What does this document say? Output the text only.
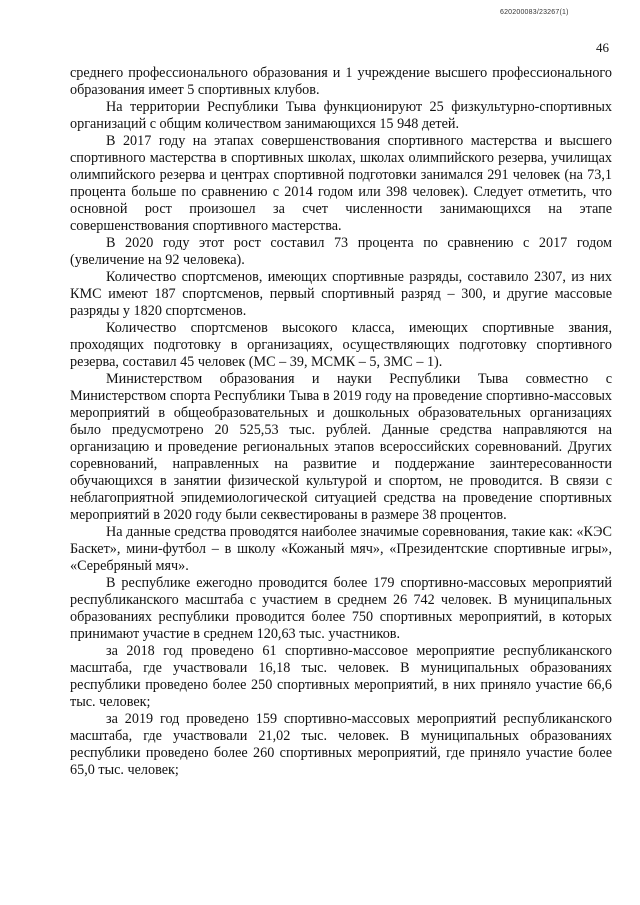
620200083/23267(1)
46

среднего профессионального образования и 1 учреждение высшего профессионального образования имеет 5 спортивных клубов.

На территории Республики Тыва функционируют 25 физкультурно-спортивных организаций с общим количеством занимающихся 15 948 детей.

В 2017 году на этапах совершенствования спортивного мастерства и высшего спортивного мастерства в спортивных школах, школах олимпийского резерва, училищах олимпийского резерва и центрах спортивной подготовки занимался 291 человек (на 73,1 процента больше по сравнению с 2014 годом или 398 человек). Следует отметить, что основной рост произошел за счет численности занимающихся на этапе совершенствования спортивного мастерства.

В 2020 году этот рост составил 73 процента по сравнению с 2017 годом (увеличение на 92 человека).

Количество спортсменов, имеющих спортивные разряды, составило 2307, из них КМС имеют 187 спортсменов, первый спортивный разряд – 300, и другие массовые разряды у 1820 спортсменов.

Количество спортсменов высокого класса, имеющих спортивные звания, проходящих подготовку в организациях, осуществляющих подготовку спортивного резерва, составил 45 человек (МС – 39, МСМК – 5, ЗМС – 1).

Министерством образования и науки Республики Тыва совместно с Министерством спорта Республики Тыва в 2019 году на проведение спортивно-массовых мероприятий в общеобразовательных и дошкольных образовательных организациях было предусмотрено 20 525,53 тыс. рублей. Данные средства направляются на организацию и проведение региональных этапов всероссийских соревнований. Других соревнований, направленных на развитие и поддержание заинтересованности обучающихся в занятии физической культурой и спортом, не проводится. В связи с неблагоприятной эпидемиологической ситуацией средства на проведение спортивных мероприятий в 2020 году были секвестированы в размере 38 процентов.

На данные средства проводятся наиболее значимые соревнования, такие как: «КЭС Баскет», мини-футбол – в школу «Кожаный мяч», «Президентские спортивные игры», «Серебряный мяч».

В республике ежегодно проводится более 179 спортивно-массовых мероприятий республиканского масштаба с участием в среднем 26 742 человек. В муниципальных образованиях республики проводится более 750 спортивных мероприятий, в которых принимают участие в среднем 120,63 тыс. участников.

за 2018 год проведено 61 спортивно-массовое мероприятие республиканского масштаба, где участвовали 16,18 тыс. человек. В муниципальных образованиях республики проведено более 250 спортивных мероприятий, в них приняло участие 66,6 тыс. человек;

за 2019 год проведено 159 спортивно-массовых мероприятий республиканского масштаба, где участвовали 21,02 тыс. человек. В муниципальных образованиях республики проведено более 260 спортивных мероприятий, где приняло участие более 65,0 тыс. человек;
